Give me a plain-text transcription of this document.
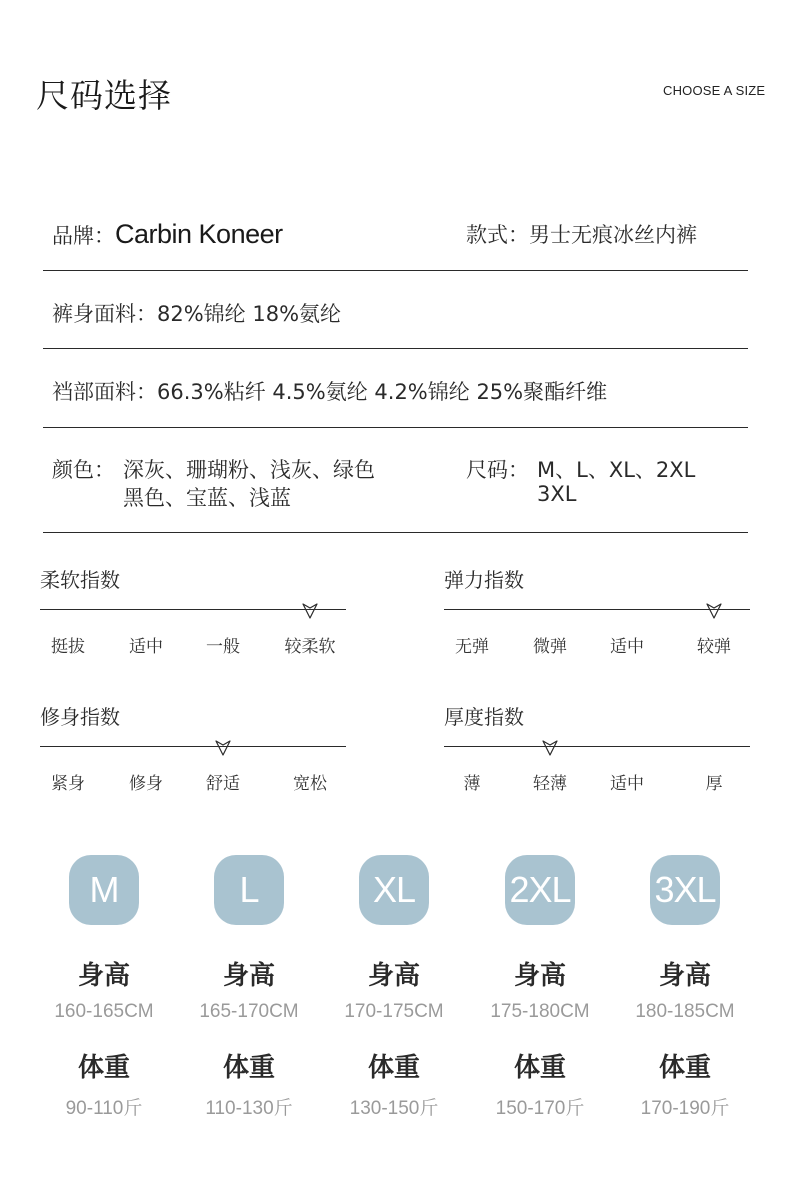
尺码选择	CHOOSE A SIZE
品牌：Carbin Koneer	款式：男士无痕冰丝内裤
裤身面料：82%锦纶 18%氨纶
裆部面料：66.3%粘纤 4.5%氨纶 4.2%锦纶 25%聚酯纤维
颜色： 深灰、珊瑚粉、浅灰、绿色
黑色、宝蓝、浅蓝
尺码： M、L、XL、2XL
3XL
柔软指数
挺拔	适中	一般	较柔软
弹力指数
无弹	微弹	适中	较弹
修身指数
紧身	修身	舒适	宽松
厚度指数
薄	轻薄	适中	厚
M
身高
160-165CM
体重
90-110斤
L
身高
165-170CM
体重
110-130斤
XL
身高
170-175CM
体重
130-150斤
2XL
身高
175-180CM
体重
150-170斤
3XL
身高
180-185CM
体重
170-190斤
